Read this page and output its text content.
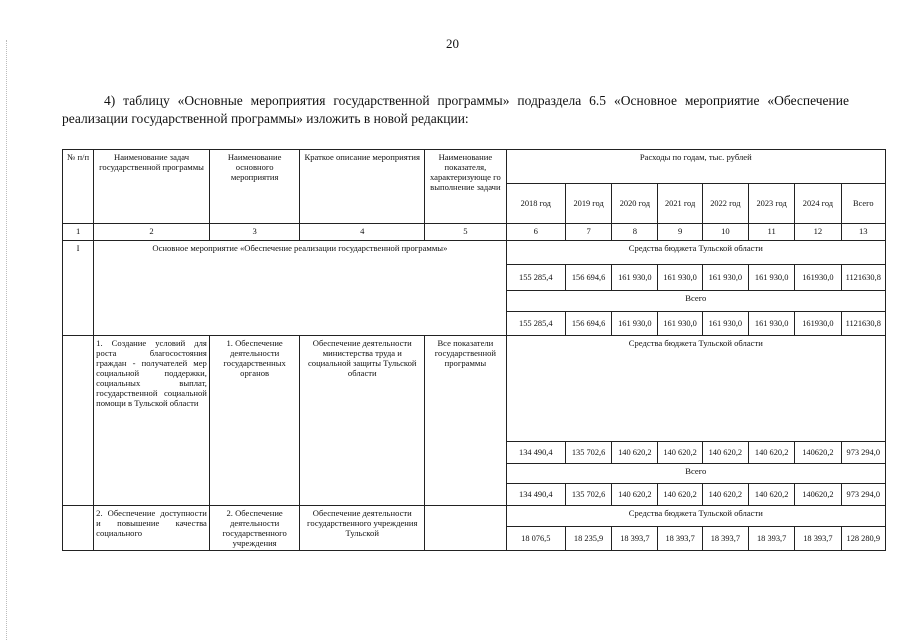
20
4) таблицу «Основные мероприятия государственной программы» подраздела 6.5 «Основное мероприятие «Обеспечение реализации государственной программы» изложить в новой редакции:
№ п/п	Наименование задач государственной программы	Наименование основного мероприятия	Краткое описание мероприятия	Наименование показателя, характеризующе го выполнение задачи	Расходы по годам, тыс. рублей							
					2018 год	2019 год	2020 год	2021 год	2022 год	2023 год	2024 год	Всего
1	2	3	4	5	6	7	8	9	10	11	12	13
I	Основное мероприятие «Обеспечение реализации государственной программы»				Средства бюджета Тульской области							
					155 285,4	156 694,6	161 930,0	161 930,0	161 930,0	161 930,0	161930,0	1121630,8
					Всего							
					155 285,4	156 694,6	161 930,0	161 930,0	161 930,0	161 930,0	161930,0	1121630,8
	1. Создание условий для роста благосостояния граждан - получателей мер социальной поддержки, социальных выплат, государственной социальной помощи в Тульской области	1. Обеспечение деятельности государственных органов	Обеспечение деятельности министерства труда и социальной защиты Тульской области	Все показатели государственной программы	Средства бюджета Тульской области							
					134 490,4	135 702,6	140 620,2	140 620,2	140 620,2	140 620,2	140620,2	973 294,0
					Всего							
					134 490,4	135 702,6	140 620,2	140 620,2	140 620,2	140 620,2	140620,2	973 294,0
	2. Обеспечение доступности и повышение качества социального	2. Обеспечение деятельности государственного учреждения	Обеспечение деятельности государственного учреждения Тульской		Средства бюджета Тульской области							
					18 076,5	18 235,9	18 393,7	18 393,7	18 393,7	18 393,7	18 393,7	128 280,9
